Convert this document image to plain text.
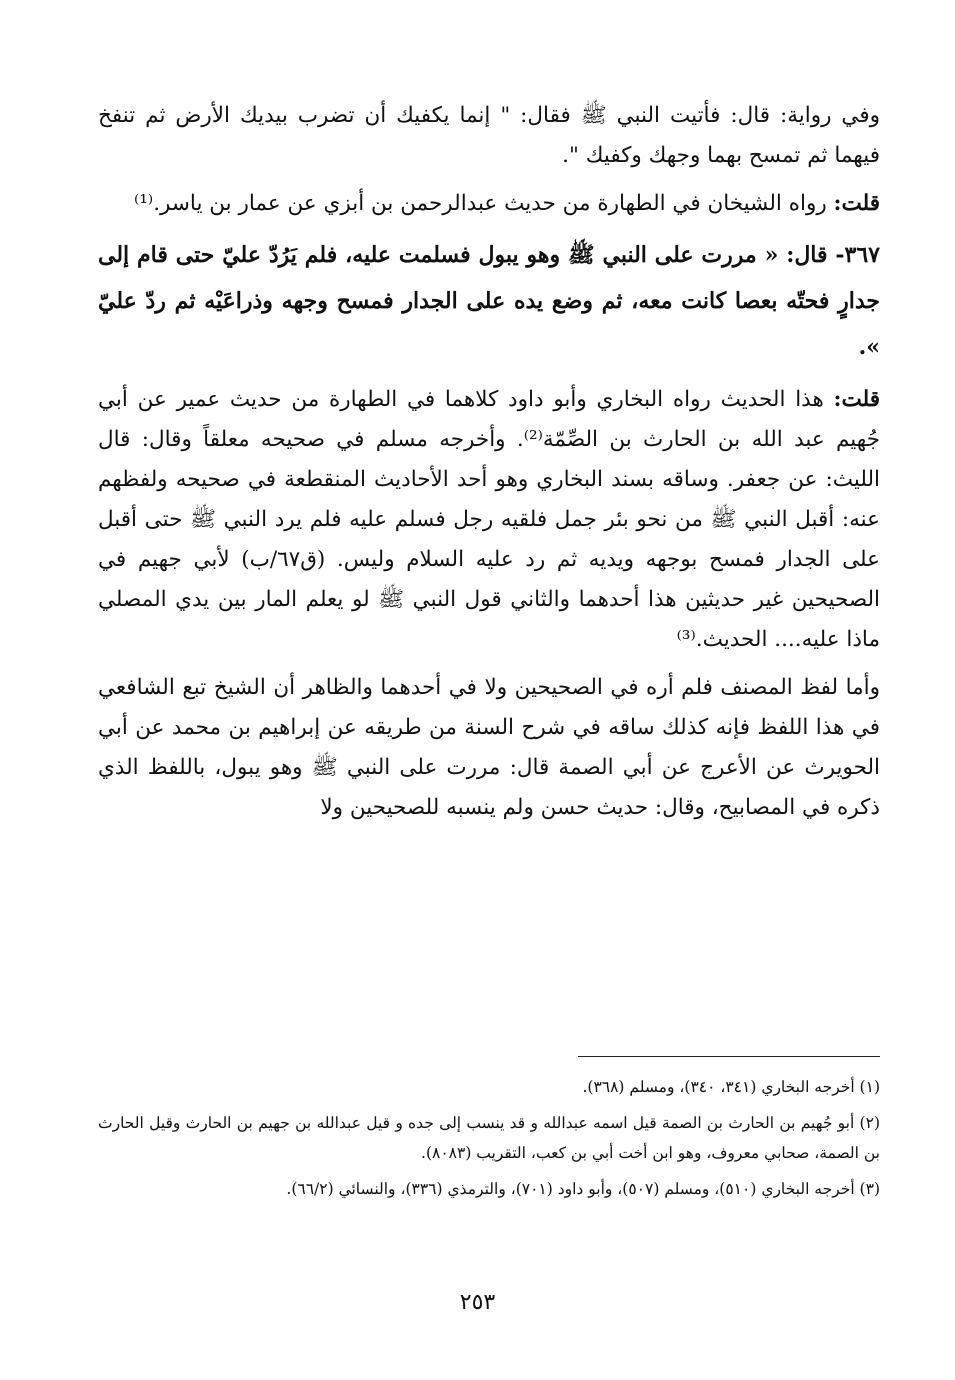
وفي رواية: قال: فأتيت النبي ﷺ فقال: " إنما يكفيك أن تضرب بيديك الأرض ثم تنفخ فيهما ثم تمسح بهما وجهك وكفيك ".

قلت: رواه الشيخان في الطهارة من حديث عبدالرحمن بن أبزي عن عمار بن ياسر.⁽¹⁾

٣٦٧- قال: « مررت على النبي ﷺ وهو يبول فسلمت عليه، فلم يَرُدّ عليّ حتى قام إلى جدارٍ فحتّه بعصا كانت معه، ثم وضع يده على الجدار فمسح وجهه وذراعَيْه ثم ردّ عليّ ».

قلت: هذا الحديث رواه البخاري وأبو داود كلاهما في الطهارة من حديث عمير عن أبي جُهيم عبد الله بن الحارث بن الصِّمّة⁽²⁾. وأخرجه مسلم في صحيحه معلقاً وقال: قال الليث: عن جعفر. وساقه بسند البخاري وهو أحد الأحاديث المنقطعة في صحيحه ولفظهم عنه: أقبل النبي ﷺ من نحو بئر جمل فلقيه رجل فسلم عليه فلم يرد النبي ﷺ حتى أقبل على الجدار فمسح بوجهه ويديه ثم رد عليه السلام وليس. (ق٦٧/ب) لأبي جهيم في الصحيحين غير حديثين هذا أحدهما والثاني قول النبي ﷺ لو يعلم المار بين يدي المصلي ماذا عليه.... الحديث.⁽³⁾

وأما لفظ المصنف فلم أره في الصحيحين ولا في أحدهما والظاهر أن الشيخ تبع الشافعي في هذا اللفظ فإنه كذلك ساقه في شرح السنة من طريقه عن إبراهيم بن محمد عن أبي الحويرث عن الأعرج عن أبي الصمة قال: مررت على النبي ﷺ وهو يبول، باللفظ الذي ذكره في المصابيح، وقال: حديث حسن ولم ينسبه للصحيحين ولا

(١) أخرجه البخاري (٣٤١، ٣٤٠)، ومسلم (٣٦٨).

(٢) أبو جُهيم بن الحارث بن الصمة قيل اسمه عبدالله و قد ينسب إلى جده و قيل عبدالله بن جهيم بن الحارث وقيل الحارث بن الصمة، صحابي معروف، وهو ابن أخت أبي بن كعب، التقريب (٨٠٨٣).

(٣) أخرجه البخاري (٥١٠)، ومسلم (٥٠٧)، وأبو داود (٧٠١)، والترمذي (٣٣٦)، والنسائي (٦٦/٢).

٢٥٣
